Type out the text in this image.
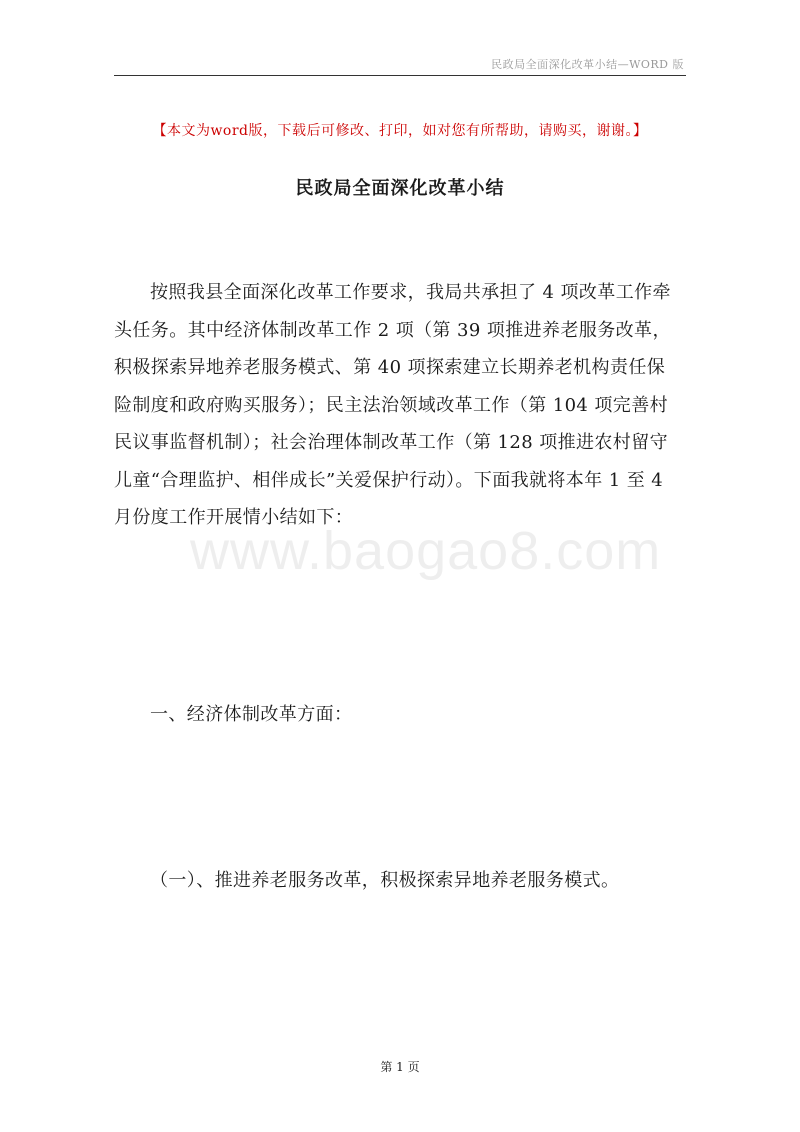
民政局全面深化改革小结—WORD 版
【本文为word版，下载后可修改、打印，如对您有所帮助，请购买，谢谢。】
民政局全面深化改革小结
按照我县全面深化改革工作要求，我局共承担了 4 项改革工作牵
头任务。其中经济体制改革工作 2 项（第 39 项推进养老服务改革，
积极探索异地养老服务模式、第 40 项探索建立长期养老机构责任保
险制度和政府购买服务）；民主法治领域改革工作（第 104 项完善村
民议事监督机制）；社会治理体制改革工作（第 128 项推进农村留守
儿童“合理监护、相伴成长”关爱保护行动）。下面我就将本年 1 至 4
月份度工作开展情小结如下：
www.baogao8.com
一、经济体制改革方面：
（一）、推进养老服务改革，积极探索异地养老服务模式。
第 1 页
